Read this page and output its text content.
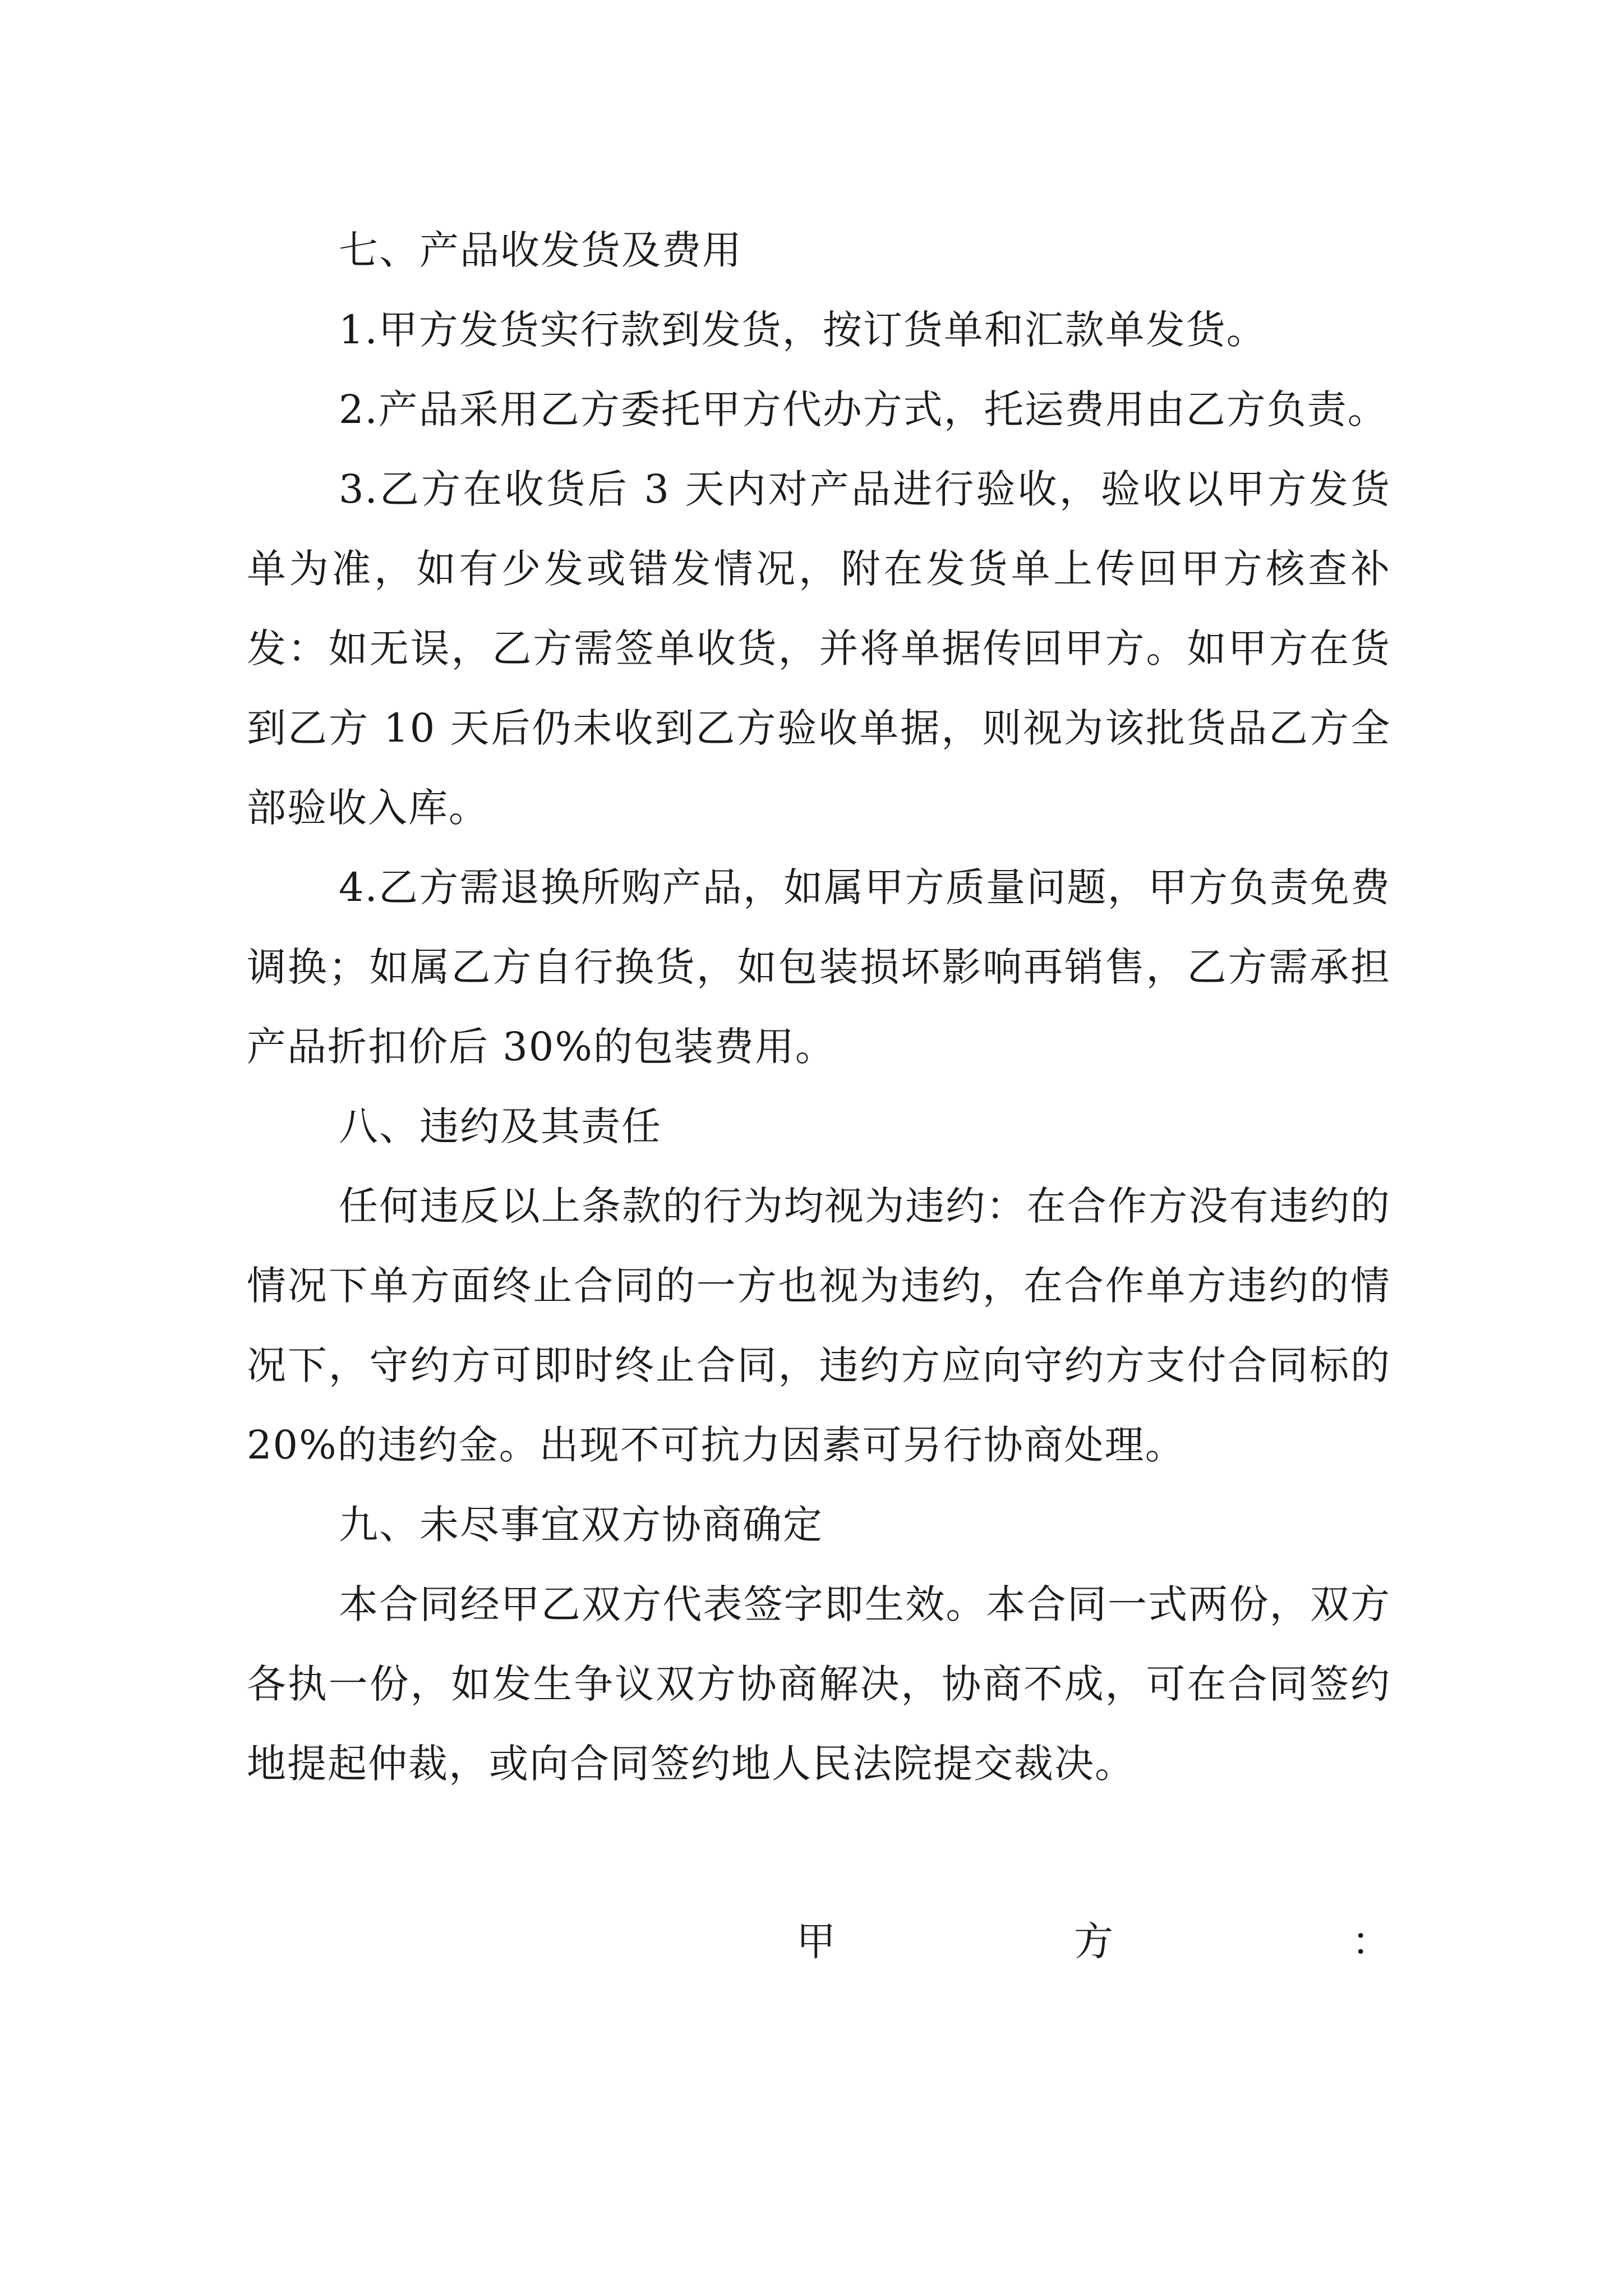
七、产品收发货及费用

1.甲方发货实行款到发货，按订货单和汇款单发货。

2.产品采用乙方委托甲方代办方式，托运费用由乙方负责。

3.乙方在收货后 3 天内对产品进行验收，验收以甲方发货单为准，如有少发或错发情况，附在发货单上传回甲方核查补发：如无误，乙方需签单收货，并将单据传回甲方。如甲方在货到乙方 10 天后仍未收到乙方验收单据，则视为该批货品乙方全部验收入库。

4.乙方需退换所购产品，如属甲方质量问题，甲方负责免费调换；如属乙方自行换货，如包装损坏影响再销售，乙方需承担产品折扣价后 30%的包装费用。

八、违约及其责任

任何违反以上条款的行为均视为违约：在合作方没有违约的情况下单方面终止合同的一方也视为违约，在合作单方违约的情况下，守约方可即时终止合同，违约方应向守约方支付合同标的 20%的违约金。出现不可抗力因素可另行协商处理。

九、未尽事宜双方协商确定

本合同经甲乙双方代表签字即生效。本合同一式两份，双方各执一份，如发生争议双方协商解决，协商不成，可在合同签约地提起仲裁，或向合同签约地人民法院提交裁决。

甲	方	：
